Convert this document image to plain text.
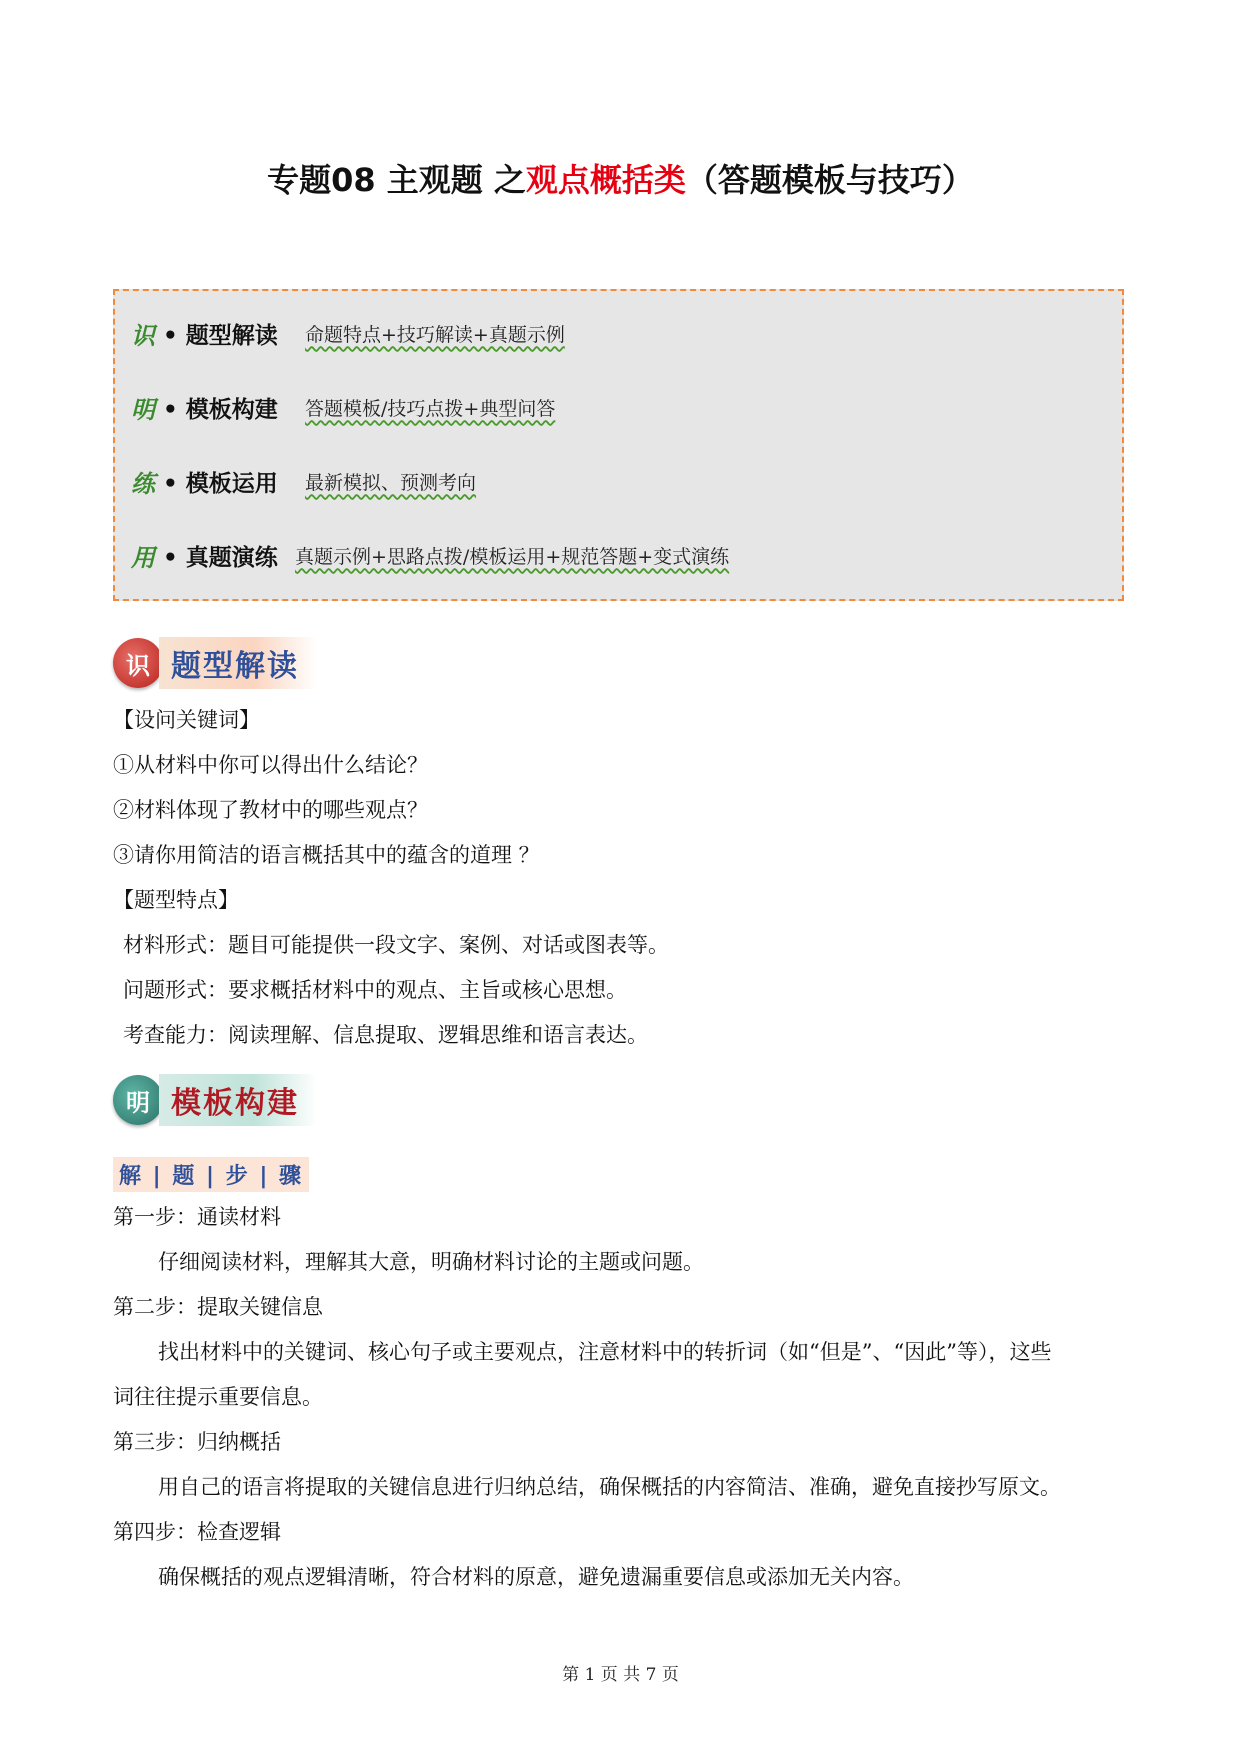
专题08 主观题 之观点概括类（答题模板与技巧）
识	• 题型解读	命题特点+技巧解读+真题示例
明	• 模板构建	答题模板/技巧点拨+典型问答
练	• 模板运用	最新模拟、预测考向
用	• 真题演练 真题示例+思路点拨/模板运用+规范答题+变式演练
识 题型解读
【设问关键词】
①从材料中你可以得出什么结论？
②材料体现了教材中的哪些观点？
③请你用简洁的语言概括其中的蕴含的道理 ？
【题型特点】
材料形式：题目可能提供一段文字、案例、对话或图表等。
问题形式：要求概括材料中的观点、主旨或核心思想。
考查能力：阅读理解、信息提取、逻辑思维和语言表达。
明 模板构建
解 | 题 | 步 | 骤
第一步：通读材料
仔细阅读材料，理解其大意，明确材料讨论的主题或问题。
第二步：提取关键信息
找出材料中的关键词、核心句子或主要观点，注意材料中的转折词（如“但是”、“因此”等），这些
词往往提示重要信息。
第三步：归纳概括
用自己的语言将提取的关键信息进行归纳总结，确保概括的内容简洁、准确，避免直接抄写原文。
第四步：检查逻辑
确保概括的观点逻辑清晰，符合材料的原意，避免遗漏重要信息或添加无关内容。
第 1 页 共 7 页
